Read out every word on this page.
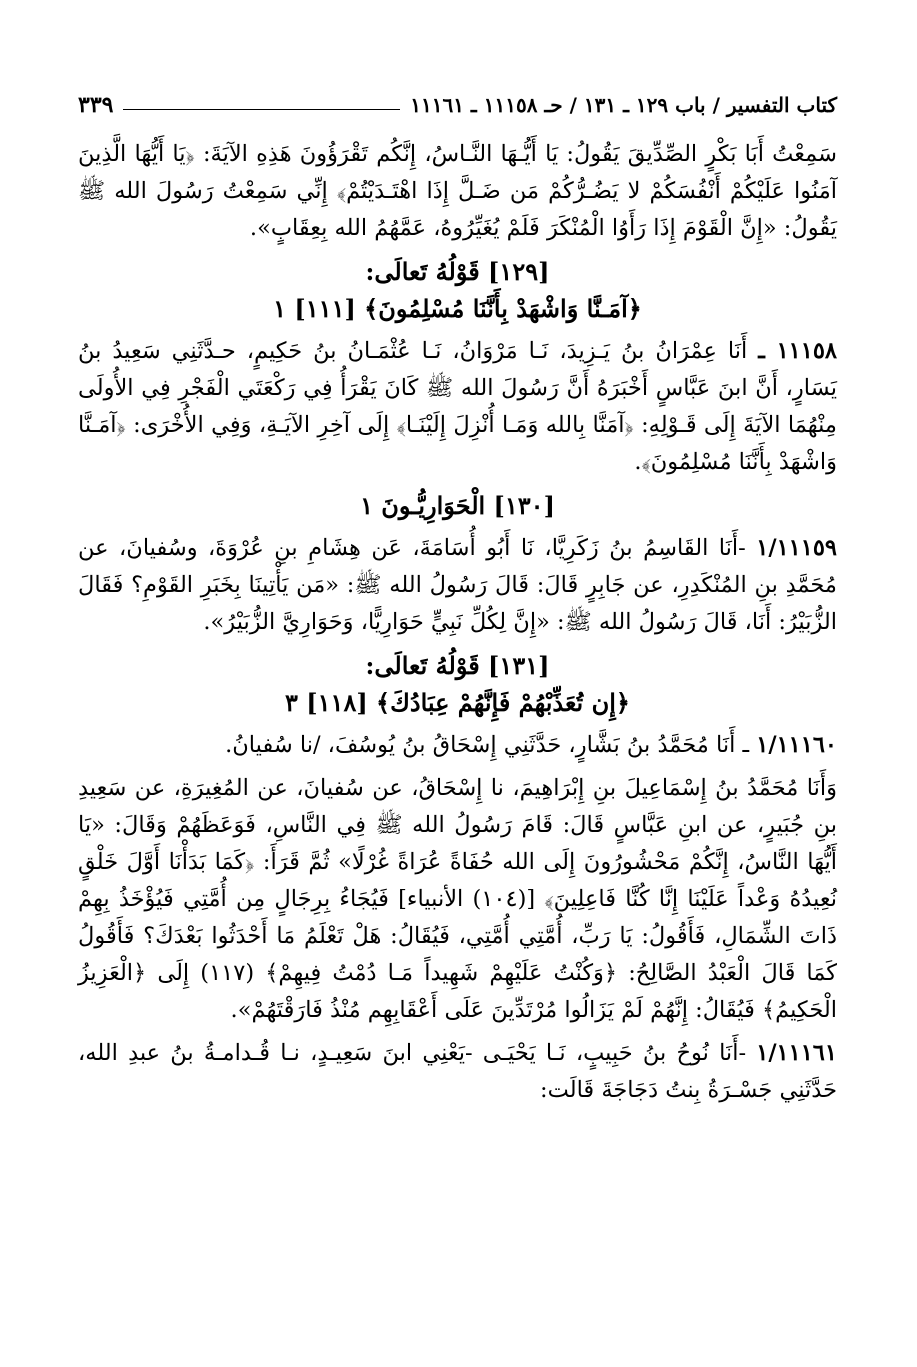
كتاب التفسير / باب ١٢٩ ـ ١٣١ / حـ ١١١٥٨ ـ ١١١٦١
٣٣٩

سَمِعْتُ أَبَا بَكْرٍ الصِّدِّيقَ يَقُولُ: يَا أَيُّـهَا النَّـاسُ، إِنَّكُم تَقْرَؤُونَ هَذِهِ الآيَةَ: ﴿يَا أَيُّهَا الَّذِينَ آمَنُوا عَلَيْكُمْ أَنْفُسَكُمْ لا يَضُـرُّكُمْ مَن ضَـلَّ إِذَا اهْتَـدَيْتُمْ﴾ إِنِّي سَمِعْتُ رَسُولَ الله ﷺ يَقُولُ: «إِنَّ الْقَوْمَ إِذَا رَأَوُا الْمُنْكَرَ فَلَمْ يُغَيِّرُوهُ، عَمَّهُمُ الله بِعِقَابٍ».

[١٢٩] قَوْلُهُ تَعالَى:
﴿آمَـنَّا وَاشْهَدْ بِأَنَّنَا مُسْلِمُونَ﴾ [١١١] ١

١١١٥٨ ـ أَنَا عِمْرَانُ بنُ يَـزِيدَ، نَـا مَرْوَانُ، نَـا عُثْمَـانُ بنُ حَكِيمٍ، حـدَّثَنِي سَعِيدُ بنُ يَسَارٍ، أَنَّ ابنَ عَبَّاسٍ أَخْبَرَهُ أَنَّ رَسُولَ الله ﷺ كَانَ يَقْرَأُ فِي رَكْعَتَي الْفَجْرِ فِي الأُولَى مِنْهُمَا الآيَةَ إِلَى قَـوْلِهِ: ﴿آمَنَّا بِالله وَمَـا أُنْزِلَ إِلَيْنَـا﴾ إِلَى آخِرِ الآيَـةِ، وَفِي الأُخْرَى: ﴿آمَـنَّا وَاشْهَدْ بِأَنَّنَا مُسْلِمُونَ﴾.

[١٣٠] الْحَوَارِيُّـونَ ١

١/١١١٥٩ -أَنَا القَاسِمُ بنُ زَكَرِيَّا، نَا أَبُو أُسَامَةَ، عَن هِشَامِ بنِ عُرْوَةَ، وسُفيانَ، عن مُحَمَّدِ بنِ المُنْكَدِرِ، عن جَابِرٍ قَالَ: قَالَ رَسُولُ الله ﷺ: «مَن يَأْتِينَا بِخَبَرِ القَوْمِ؟ فَقَالَ الزُّبَيْرُ: أَنَا، قَالَ رَسُولُ الله ﷺ: «إِنَّ لِكُلِّ نَبِيٍّ حَوَارِيًّا، وَحَوَارِيَّ الزُّبَيْرُ».

[١٣١] قَوْلُهُ تَعالَى:
﴿إِن تُعَذِّبْهُمْ فَإِنَّهُمْ عِبَادُكَ﴾ [١١٨] ٣

١/١١١٦٠ ـ أَنَا مُحَمَّدُ بنُ بَشَّارٍ، حَدَّثَنِي إِسْحَاقُ بنُ يُوسُفَ، /نا سُفيانُ.

وَأَنَا مُحَمَّدُ بنُ إِسْمَاعِيلَ بنِ إِبْرَاهِيمَ، نا إِسْحَاقُ، عن سُفيانَ، عن المُغِيرَةِ، عن سَعِيدِ بنِ جُبَيرٍ، عن ابنِ عَبَّاسٍ قَالَ: قَامَ رَسُولُ الله ﷺ فِي النَّاسِ، فَوَعَظَهُمْ وَقَالَ: «يَا أَيُّهَا النَّاسُ، إِنَّكُمْ مَحْشُورُونَ إِلَى الله حُفَاةً عُرَاةً غُرْلًا» ثُمَّ قَرَأَ: ﴿كَمَا بَدَأْنَا أَوَّلَ خَلْقٍ نُعِيدُهُ وَعْداً عَلَيْنَا إِنَّا كُنَّا فَاعِلِينَ﴾ [(١٠٤) الأنبياء] فَيُجَاءُ بِرِجَالٍ مِن أُمَّتِي فَيُؤْخَذُ بِهِمْ ذَاتَ الشِّمَالِ، فَأَقُولُ: يَا رَبِّ، أُمَّتِي أُمَّتِي، فَيُقَالُ: هَلْ تَعْلَمُ مَا أَحْدَثُوا بَعْدَكَ؟ فَأَقُولُ كَمَا قَالَ الْعَبْدُ الصَّالِحُ: ﴿وَكُنْتُ عَلَيْهِمْ شَهِيداً مَـا دُمْتُ فِيهِمْ﴾ (١١٧) إِلَى ﴿الْعَزِيزُ الْحَكِيمُ﴾ فَيُقَالُ: إِنَّهُمْ لَمْ يَزَالُوا مُرْتَدِّينَ عَلَى أَعْقَابِهِم مُنْذُ فَارَقْتَهُمْ».

١/١١١٦١ -أَنَا نُوحُ بنُ حَبِيبٍ، نَـا يَحْيَـى -يَعْنِي ابنَ سَعِيـدٍ، نـا قُـدامـةُ بنُ عبدِ الله، حَدَّثَنِي جَسْـرَةُ بِنتُ دَجَاجَةَ قَالَت:
